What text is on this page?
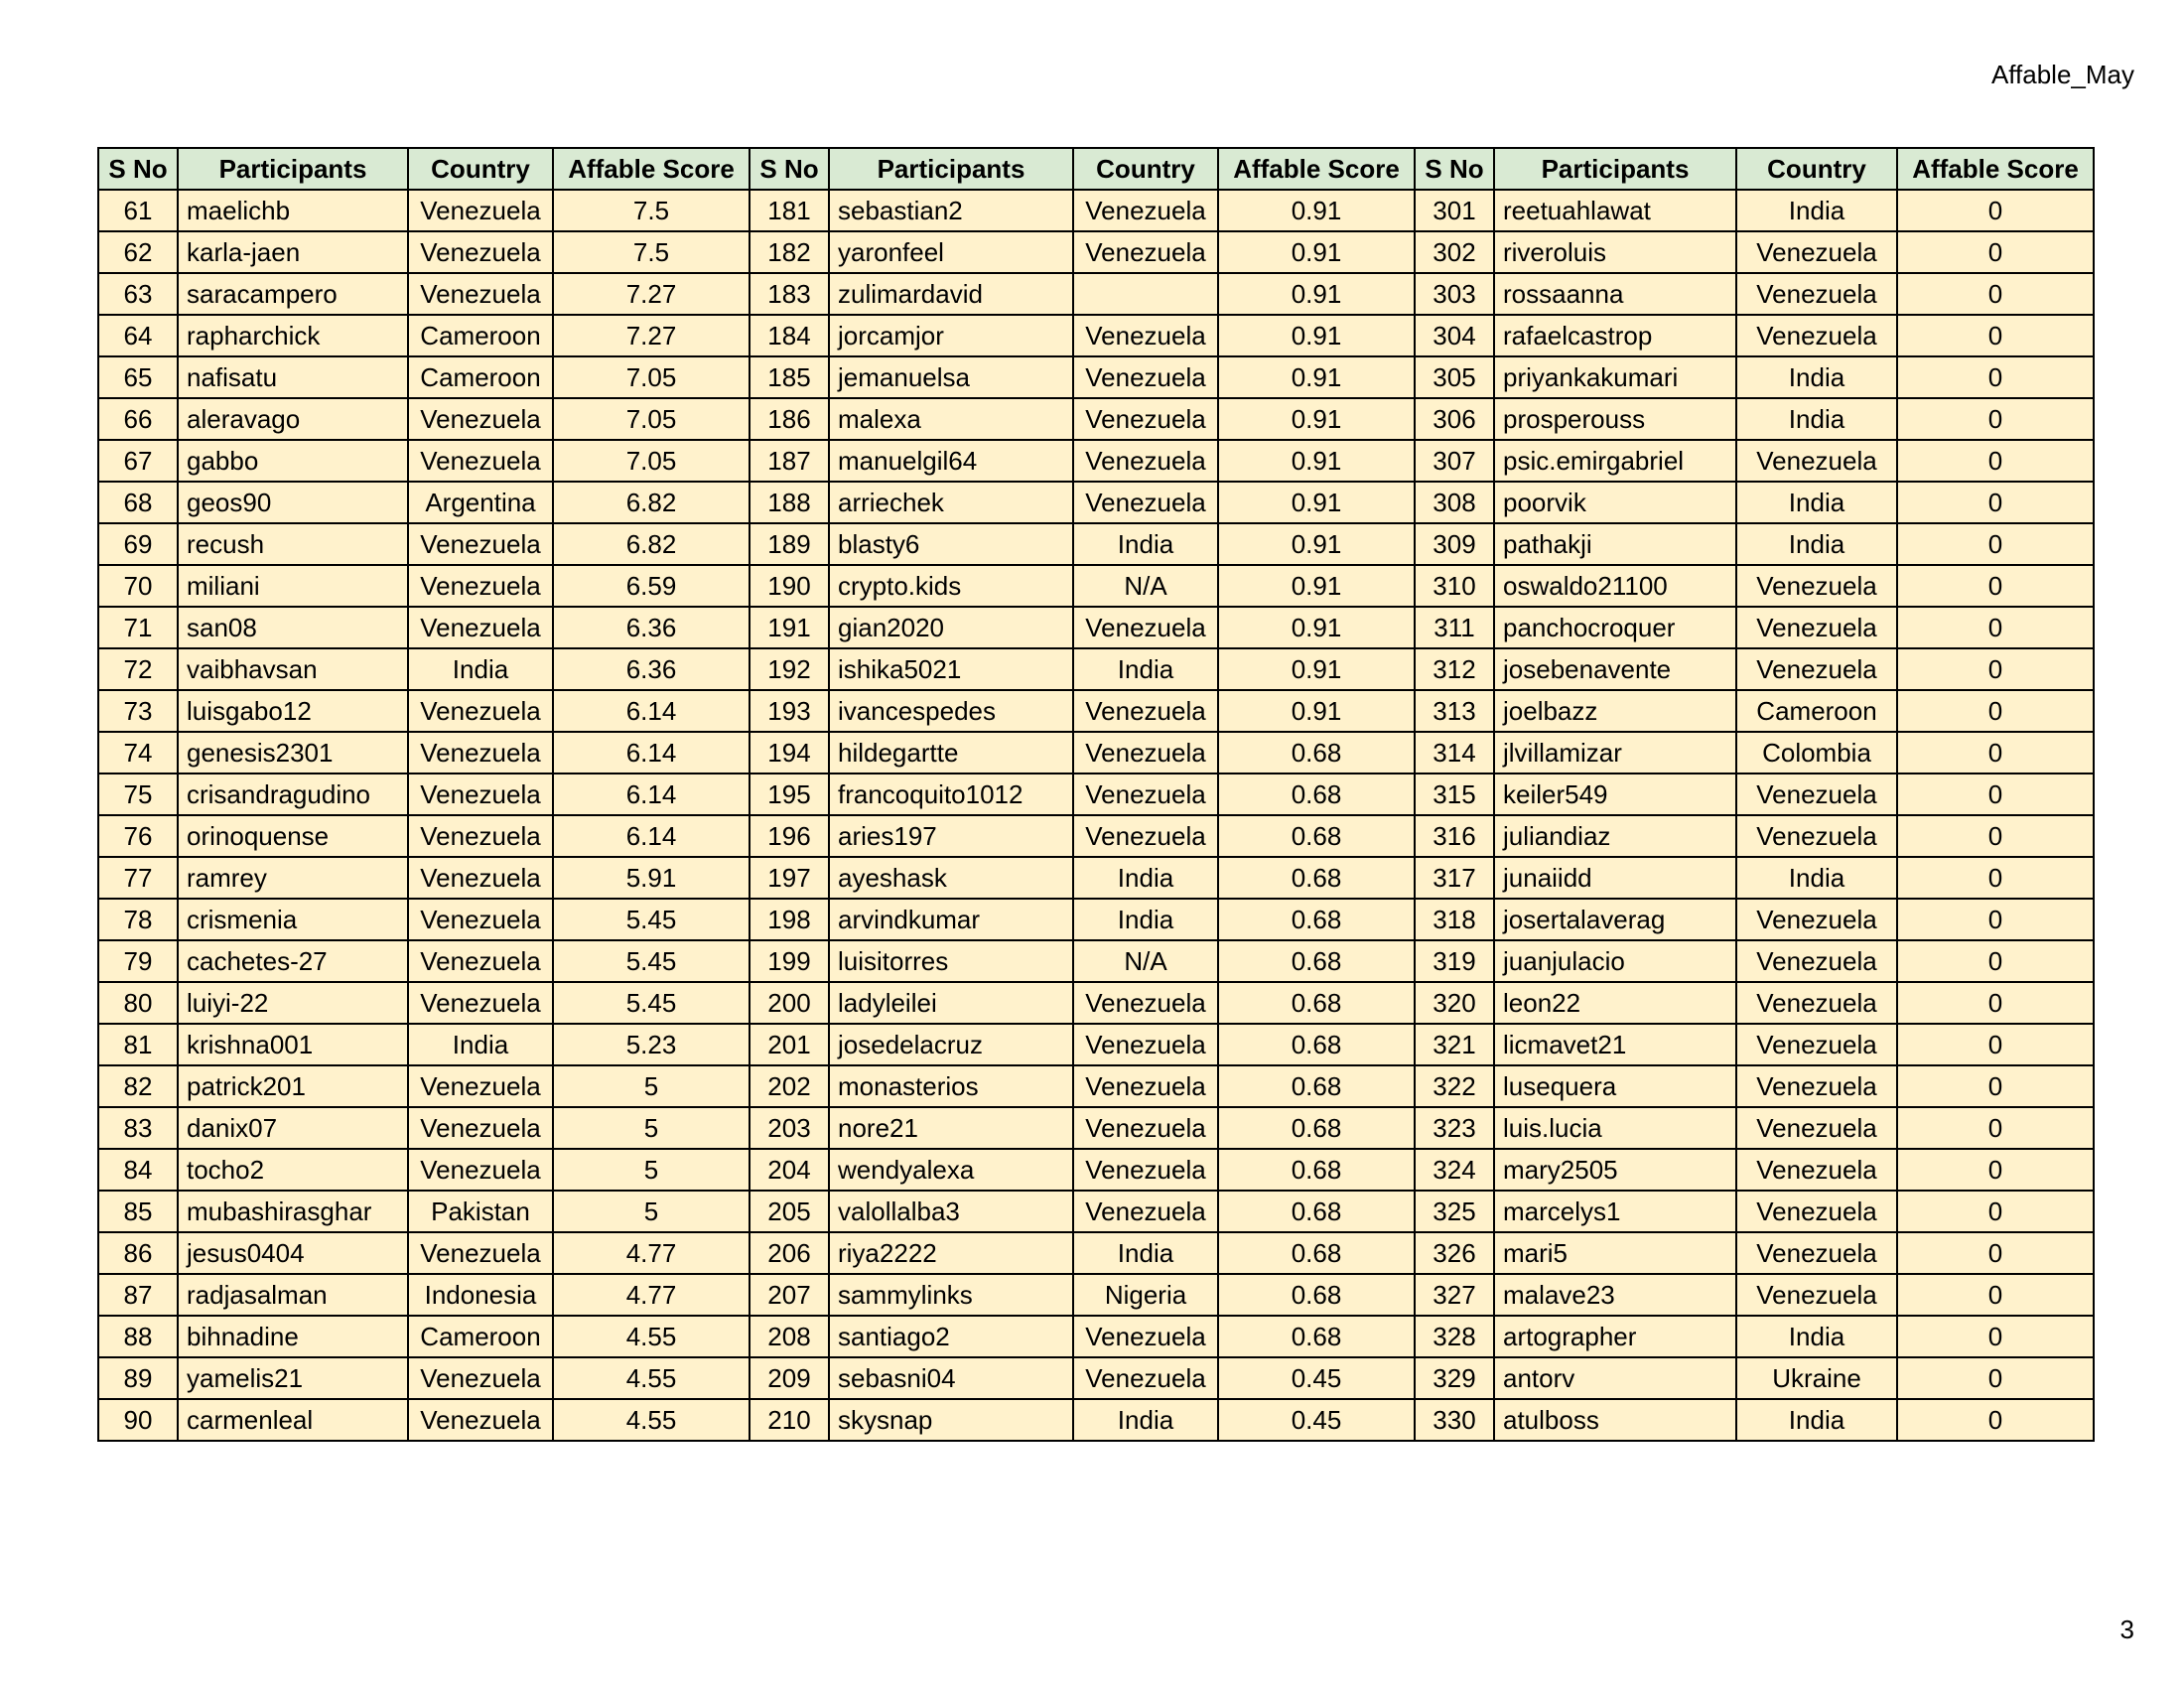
Affable_May
S No	Participants	Country	Affable Score	S No	Participants	Country	Affable Score	S No	Participants	Country	Affable Score
61	maelichb	Venezuela	7.5	181	sebastian2	Venezuela	0.91	301	reetuahlawat	India	0
62	karla-jaen	Venezuela	7.5	182	yaronfeel	Venezuela	0.91	302	riveroluis	Venezuela	0
63	saracampero	Venezuela	7.27	183	zulimardavid		0.91	303	rossaanna	Venezuela	0
64	rapharchick	Cameroon	7.27	184	jorcamjor	Venezuela	0.91	304	rafaelcastrop	Venezuela	0
65	nafisatu	Cameroon	7.05	185	jemanuelsa	Venezuela	0.91	305	priyankakumari	India	0
66	aleravago	Venezuela	7.05	186	malexa	Venezuela	0.91	306	prosperouss	India	0
67	gabbo	Venezuela	7.05	187	manuelgil64	Venezuela	0.91	307	psic.emirgabriel	Venezuela	0
68	geos90	Argentina	6.82	188	arriechek	Venezuela	0.91	308	poorvik	India	0
69	recush	Venezuela	6.82	189	blasty6	India	0.91	309	pathakji	India	0
70	miliani	Venezuela	6.59	190	crypto.kids	N/A	0.91	310	oswaldo21100	Venezuela	0
71	san08	Venezuela	6.36	191	gian2020	Venezuela	0.91	311	panchocroquer	Venezuela	0
72	vaibhavsan	India	6.36	192	ishika5021	India	0.91	312	josebenavente	Venezuela	0
73	luisgabo12	Venezuela	6.14	193	ivancespedes	Venezuela	0.91	313	joelbazz	Cameroon	0
74	genesis2301	Venezuela	6.14	194	hildegartte	Venezuela	0.68	314	jlvillamizar	Colombia	0
75	crisandragudino	Venezuela	6.14	195	francoquito1012	Venezuela	0.68	315	keiler549	Venezuela	0
76	orinoquense	Venezuela	6.14	196	aries197	Venezuela	0.68	316	juliandiaz	Venezuela	0
77	ramrey	Venezuela	5.91	197	ayeshask	India	0.68	317	junaiidd	India	0
78	crismenia	Venezuela	5.45	198	arvindkumar	India	0.68	318	josertalaverag	Venezuela	0
79	cachetes-27	Venezuela	5.45	199	luisitorres	N/A	0.68	319	juanjulacio	Venezuela	0
80	luiyi-22	Venezuela	5.45	200	ladyleilei	Venezuela	0.68	320	leon22	Venezuela	0
81	krishna001	India	5.23	201	josedelacruz	Venezuela	0.68	321	licmavet21	Venezuela	0
82	patrick201	Venezuela	5	202	monasterios	Venezuela	0.68	322	lusequera	Venezuela	0
83	danix07	Venezuela	5	203	nore21	Venezuela	0.68	323	luis.lucia	Venezuela	0
84	tocho2	Venezuela	5	204	wendyalexa	Venezuela	0.68	324	mary2505	Venezuela	0
85	mubashirasghar	Pakistan	5	205	valollalba3	Venezuela	0.68	325	marcelys1	Venezuela	0
86	jesus0404	Venezuela	4.77	206	riya2222	India	0.68	326	mari5	Venezuela	0
87	radjasalman	Indonesia	4.77	207	sammylinks	Nigeria	0.68	327	malave23	Venezuela	0
88	bihnadine	Cameroon	4.55	208	santiago2	Venezuela	0.68	328	artographer	India	0
89	yamelis21	Venezuela	4.55	209	sebasni04	Venezuela	0.45	329	antorv	Ukraine	0
90	carmenleal	Venezuela	4.55	210	skysnap	India	0.45	330	atulboss	India	0
3
